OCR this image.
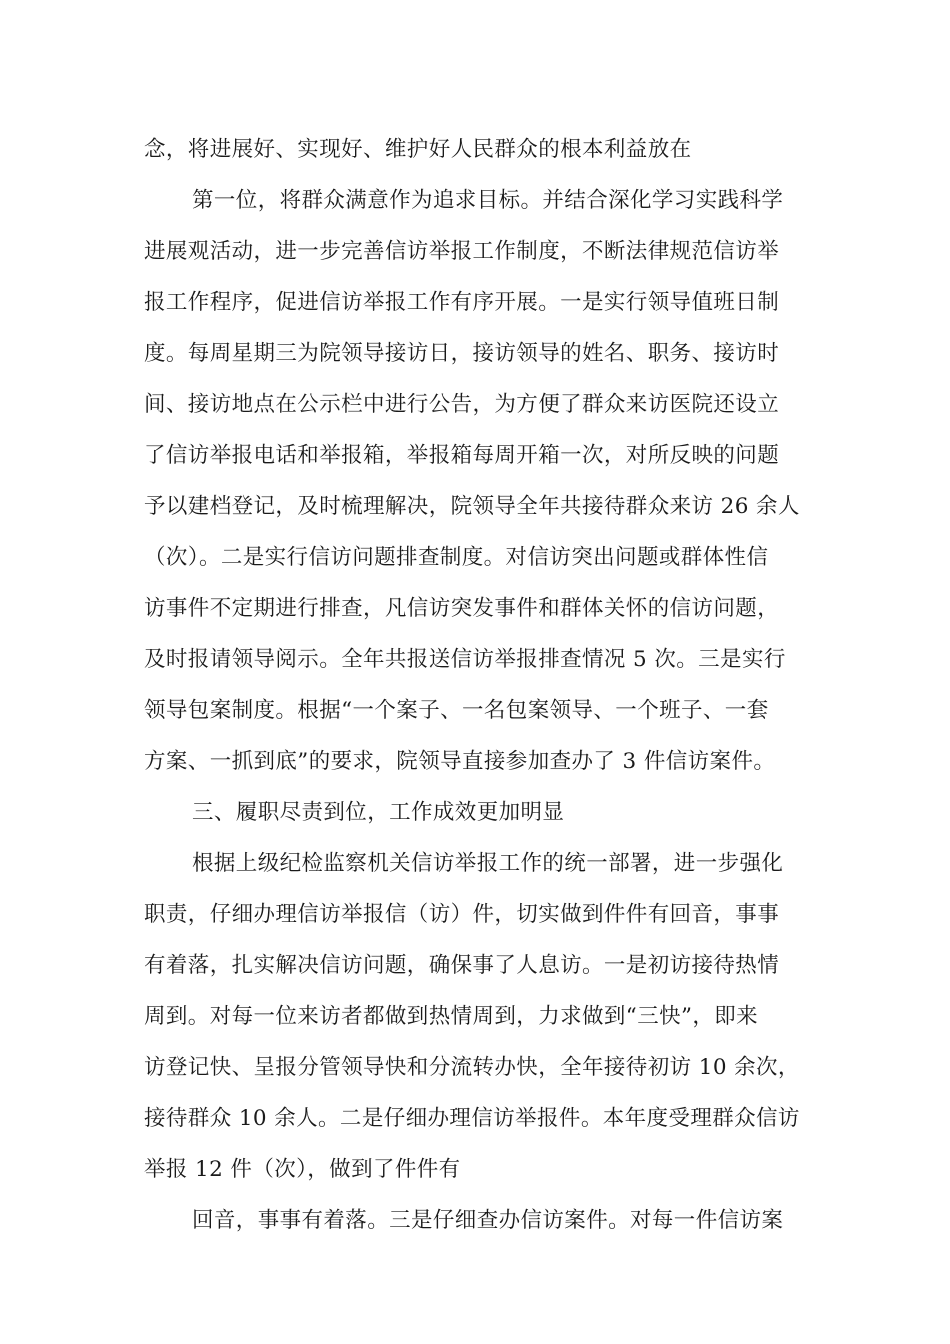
念，将进展好、实现好、维护好人民群众的根本利益放在
第一位，将群众满意作为追求目标。并结合深化学习实践科学
进展观活动，进一步完善信访举报工作制度，不断法律规范信访举
报工作程序，促进信访举报工作有序开展。一是实行领导值班日制
度。每周星期三为院领导接访日，接访领导的姓名、职务、接访时
间、接访地点在公示栏中进行公告，为方便了群众来访医院还设立
了信访举报电话和举报箱，举报箱每周开箱一次，对所反映的问题
予以建档登记，及时梳理解决，院领导全年共接待群众来访 26 余人
（次）。二是实行信访问题排查制度。对信访突出问题或群体性信
访事件不定期进行排查，凡信访突发事件和群体关怀的信访问题，
及时报请领导阅示。全年共报送信访举报排查情况 5 次。三是实行
领导包案制度。根据“一个案子、一名包案领导、一个班子、一套
方案、一抓到底”的要求，院领导直接参加查办了 3 件信访案件。
三、履职尽责到位，工作成效更加明显
根据上级纪检监察机关信访举报工作的统一部署，进一步强化
职责，仔细办理信访举报信（访）件，切实做到件件有回音，事事
有着落，扎实解决信访问题，确保事了人息访。一是初访接待热情
周到。对每一位来访者都做到热情周到，力求做到“三快”，即来
访登记快、呈报分管领导快和分流转办快，全年接待初访 10 余次，
接待群众 10 余人。二是仔细办理信访举报件。本年度受理群众信访
举报 12 件（次），做到了件件有
回音，事事有着落。三是仔细查办信访案件。对每一件信访案
